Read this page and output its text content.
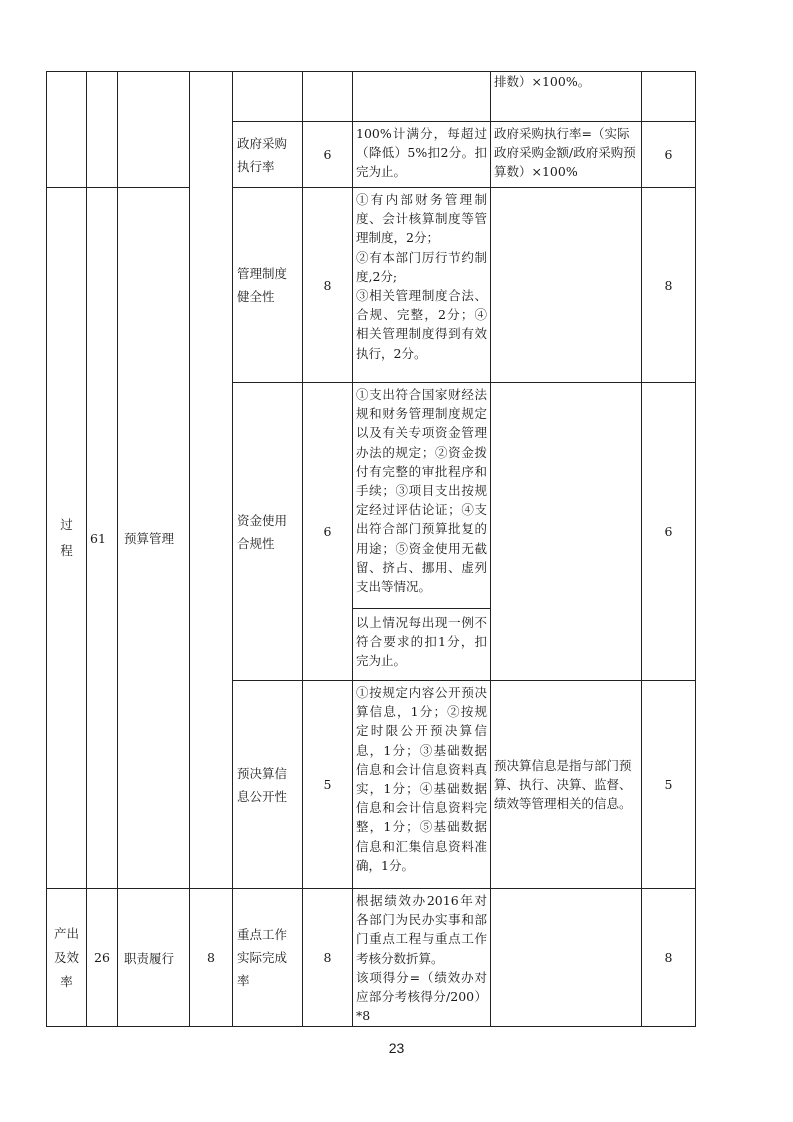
							排数）×100%。	
				政府采购执行率	6	100%计满分，每超过（降低）5%扣2分。扣完为止。	政府采购执行率=（实际政府采购金额/政府采购预算数）×100%	6

过程	61	预算管理		管理制度健全性	8	①有内部财务管理制度、会计核算制度等管理制度，2分；
②有本部门厉行节约制度,2分;
③相关管理制度合法、合规、完整，2分；④相关管理制度得到有效执行，2分。		8
				资金使用合规性	6	①支出符合国家财经法规和财务管理制度规定以及有关专项资金管理办法的规定；②资金拨付有完整的审批程序和手续；③项目支出按规定经过评估论证；④支出符合部门预算批复的用途；⑤资金使用无截留、挤占、挪用、虚列支出等情况。
以上情况每出现一例不符合要求的扣1分，扣完为止。		6
				预决算信息公开性	5	①按规定内容公开预决算信息，1分；②按规定时限公开预决算信息，1分；③基础数据信息和会计信息资料真实，1分；④基础数据信息和会计信息资料完整，1分；⑤基础数据信息和汇集信息资料准确，1分。	预决算信息是指与部门预算、执行、决算、监督、绩效等管理相关的信息。	5

产出及效率	26	职责履行	8	重点工作实际完成率	8	根据绩效办2016年对各部门为民办实事和部门重点工程与重点工作考核分数折算。
该项得分=（绩效办对应部分考核得分/200）*8		8
23
